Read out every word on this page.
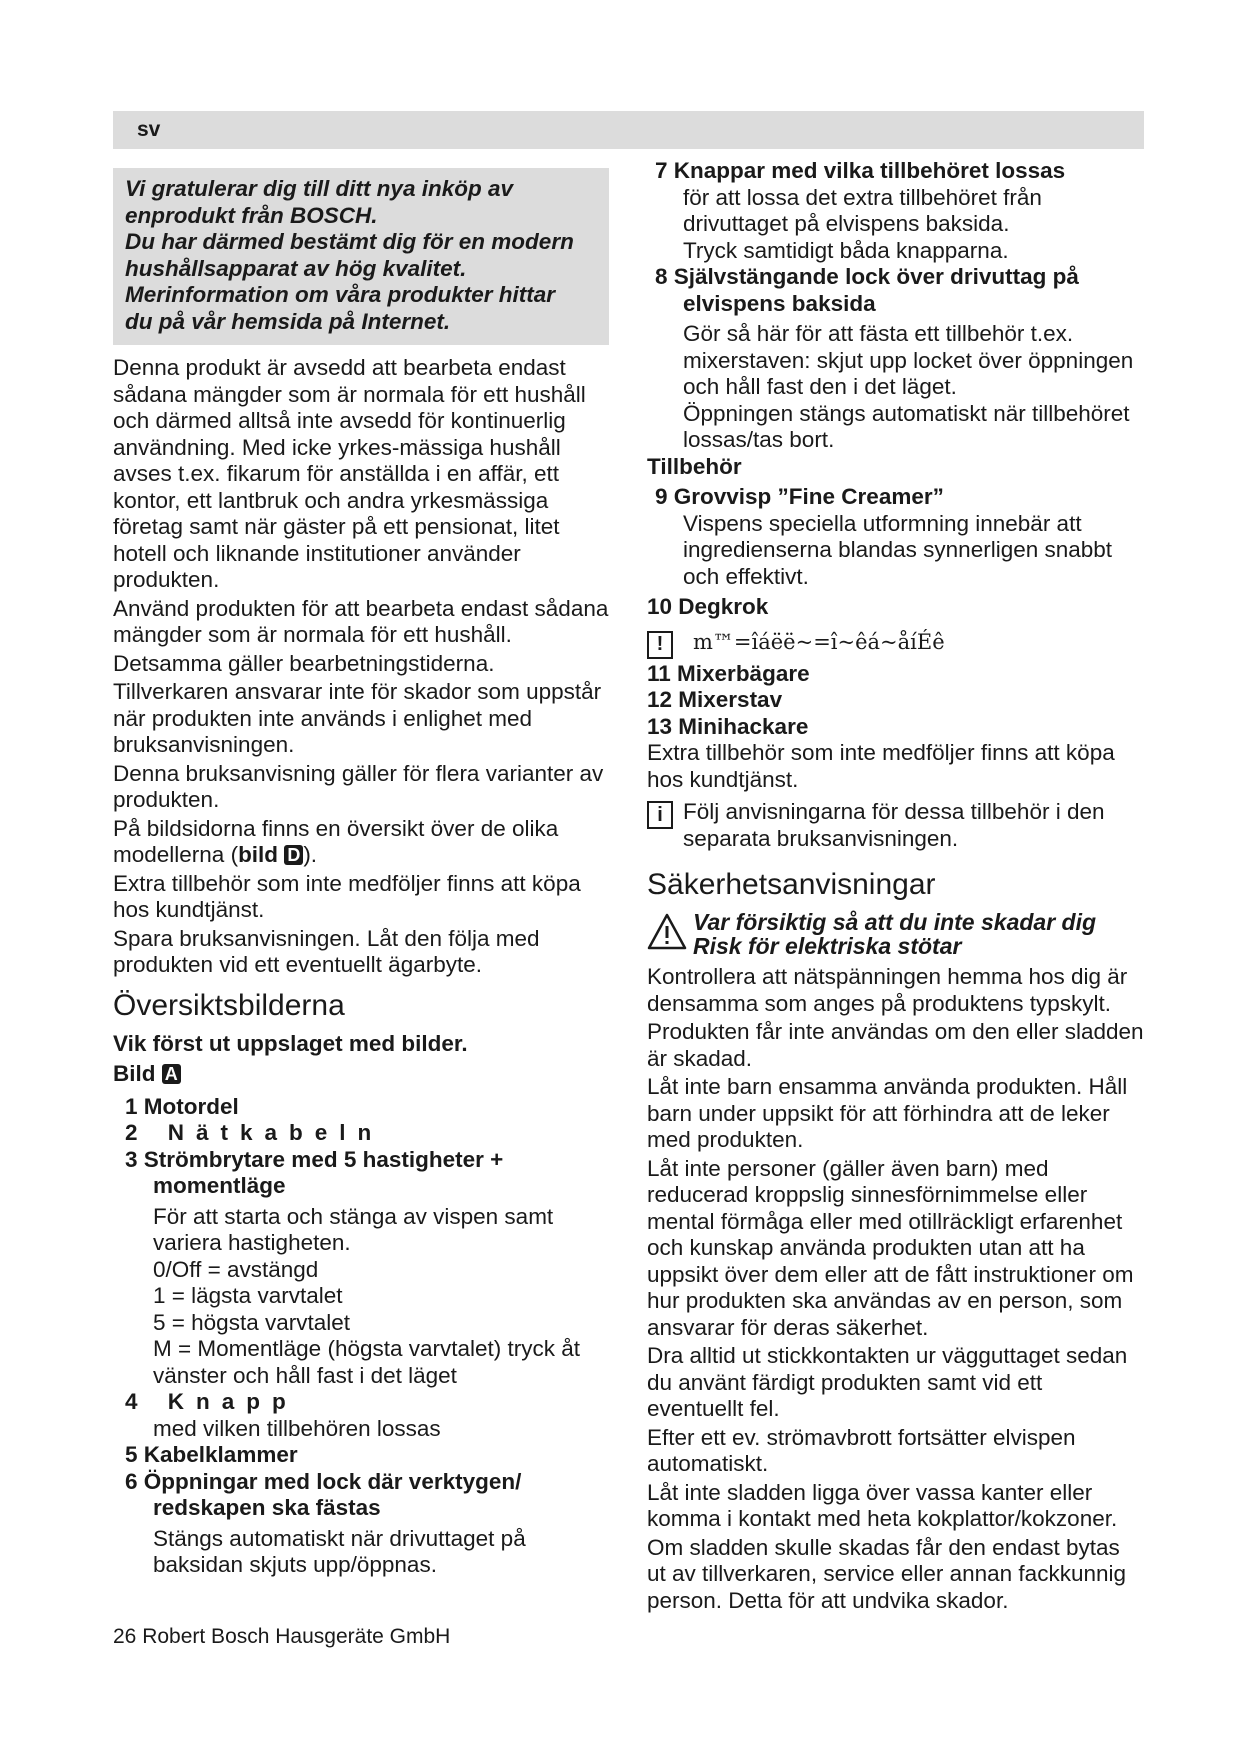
sv
Vi gratulerar dig till ditt nya inköp av
enprodukt från BOSCH.
Du har därmed bestämt dig för en modern
hushållsapparat av hög kvalitet.
Merinformation om våra produkter hittar
du på vår hemsida på Internet.

Denna produkt är avsedd att bearbeta endast sådana mängder som är normala för ett hushåll och därmed alltså inte avsedd för kontinuerlig användning. Med icke yrkes-mässiga hushåll avses t.ex. fikarum för anställda i en affär, ett kontor, ett lantbruk och andra yrkesmässiga företag samt när gäster på ett pensionat, litet hotell och liknande institutioner använder produkten.

Använd produkten för att bearbeta endast sådana mängder som är normala för ett hushåll.

Detsamma gäller bearbetningstiderna.

Tillverkaren ansvarar inte för skador som uppstår när produkten inte används i enlighet med bruksanvisningen.

Denna bruksanvisning gäller för flera varianter av produkten.

På bildsidorna finns en översikt över de olika modellerna (bild D ).

Extra tillbehör som inte medföljer finns att köpa hos kundtjänst.

Spara bruksanvisningen. Låt den följa med produkten vid ett eventuellt ägarbyte.

Översiktsbilderna

Vik först ut uppslaget med bilder.

Bild A

1 Motordel
2 Nätkabeln
3 Strömbrytare med 5 hastigheter + momentläge
För att starta och stänga av vispen samt variera hastigheten.
0/Off = avstängd
1 = lägsta varvtalet
5 = högsta varvtalet
M = Momentläge (högsta varvtalet) tryck åt vänster och håll fast i det läget
4 Knapp
med vilken tillbehören lossas
5 Kabelklammer
6 Öppningar med lock där verktygen/ redskapen ska fästas
Stängs automatiskt när drivuttaget på baksidan skjuts upp/öppnas.
7 Knappar med vilka tillbehöret lossas
för att lossa det extra tillbehöret från drivuttaget på elvispens baksida.
Tryck samtidigt båda knapparna.
8 Självstängande lock över drivuttag på elvispens baksida
Gör så här för att fästa ett tillbehör t.ex. mixerstaven: skjut upp locket över öppningen och håll fast den i det läget.
Öppningen stängs automatiskt när tillbehöret lossas/tas bort.

Tillbehör

9 Grovvisp ”Fine Creamer”
Vispens speciella utformning innebär att ingredienserna blandas synnerligen snabbt och effektivt.
10 Degkrok
!	m™=îáëë~=î~êá~åíÉê
11 Mixerbägare
12 Mixerstav
13 Minihackare

Extra tillbehör som inte medföljer finns att köpa hos kundtjänst.

i Följ anvisningarna för dessa tillbehör i den separata bruksanvisningen.
Säkerhetsanvisningar
Var försiktig så att du inte skadar dig
Risk för elektriska stötar

Kontrollera att nätspänningen hemma hos dig är densamma som anges på produktens typskylt.

Produkten får inte användas om den eller sladden är skadad.

Låt inte barn ensamma använda produkten. Håll barn under uppsikt för att förhindra att de leker med produkten.

Låt inte personer (gäller även barn) med reducerad kroppslig sinnesförnimmelse eller mental förmåga eller med otillräckligt erfarenhet och kunskap använda produkten utan att ha uppsikt över dem eller att de fått instruktioner om hur produkten ska användas av en person, som ansvarar för deras säkerhet.

Dra alltid ut stickkontakten ur vägguttaget sedan du använt färdigt produkten samt vid ett eventuellt fel.

Efter ett ev. strömavbrott fortsätter elvispen automatiskt.

Låt inte sladden ligga över vassa kanter eller komma i kontakt med heta kokplattor/kokzoner.

Om sladden skulle skadas får den endast bytas ut av tillverkaren, service eller annan fackkunnig person. Detta för att undvika skador.

26 Robert Bosch Hausgeräte GmbH
